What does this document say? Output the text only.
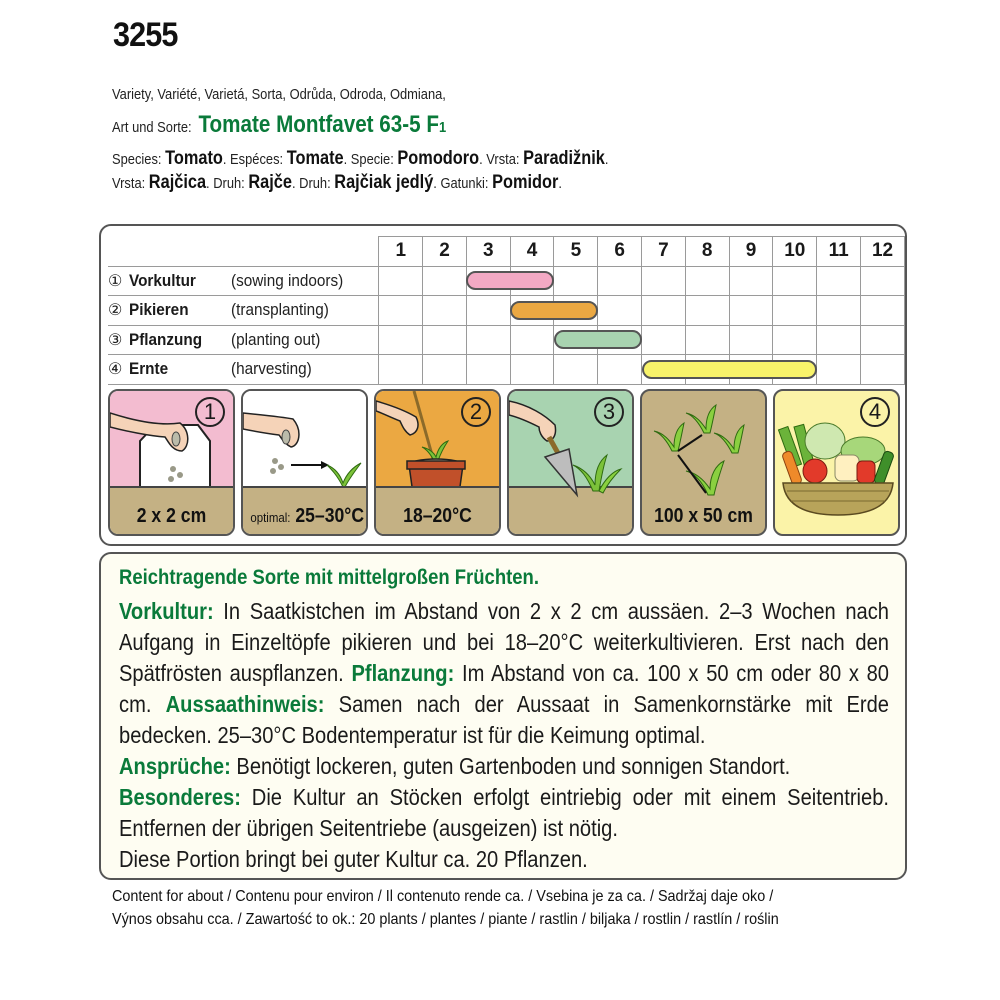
3255
Variety, Variété, Varietá, Sorta, Odrůda, Odroda, Odmiana,
Art und Sorte: Tomate Montfavet 63-5 F1
Species: Tomato. Espéces: Tomate. Specie: Pomodoro. Vrsta: Paradižnik.
Vrsta: Rajčica. Druh: Rajče. Druh: Rajčiak jedlý. Gatunki: Pomidor.
	1	2	3	4	5	6	7	8	9	10	11	12
① Vorkultur (sowing indoors)												
② Pikieren (transplanting)												
③ Pflanzung (planting out)												
④ Ernte (harvesting)												
1
2 x 2 cm	optimal: 25–30°C
2
18–20°C
3
100 x 50 cm
4
Reichtragende Sorte mit mittelgroßen Früchten.
Vorkultur: In Saatkistchen im Abstand von 2 x 2 cm aussäen. 2–3 Wochen nach Aufgang in Einzeltöpfe pikieren und bei 18–20°C weiterkultivieren. Erst nach den Spätfrösten auspflanzen. Pflanzung: Im Abstand von ca. 100 x 50 cm oder 80 x 80 cm. Aussaathinweis: Samen nach der Aussaat in Samenkornstärke mit Erde bedecken. 25–30°C Bodentemperatur ist für die Keimung optimal.
Ansprüche: Benötigt lockeren, guten Gartenboden und sonnigen Standort.
Besonderes: Die Kultur an Stöcken erfolgt eintriebig oder mit einem Seitentrieb. Entfernen der übrigen Seitentriebe (ausgeizen) ist nötig.
Diese Portion bringt bei guter Kultur ca. 20 Pflanzen.
Content for about / Contenu pour environ / Il contenuto rende ca. / Vsebina je za ca. / Sadržaj daje oko /
Výnos obsahu cca. / Zawartość to ok.: 20 plants / plantes / piante / rastlin / biljaka / rostlin / rastlín / roślin
